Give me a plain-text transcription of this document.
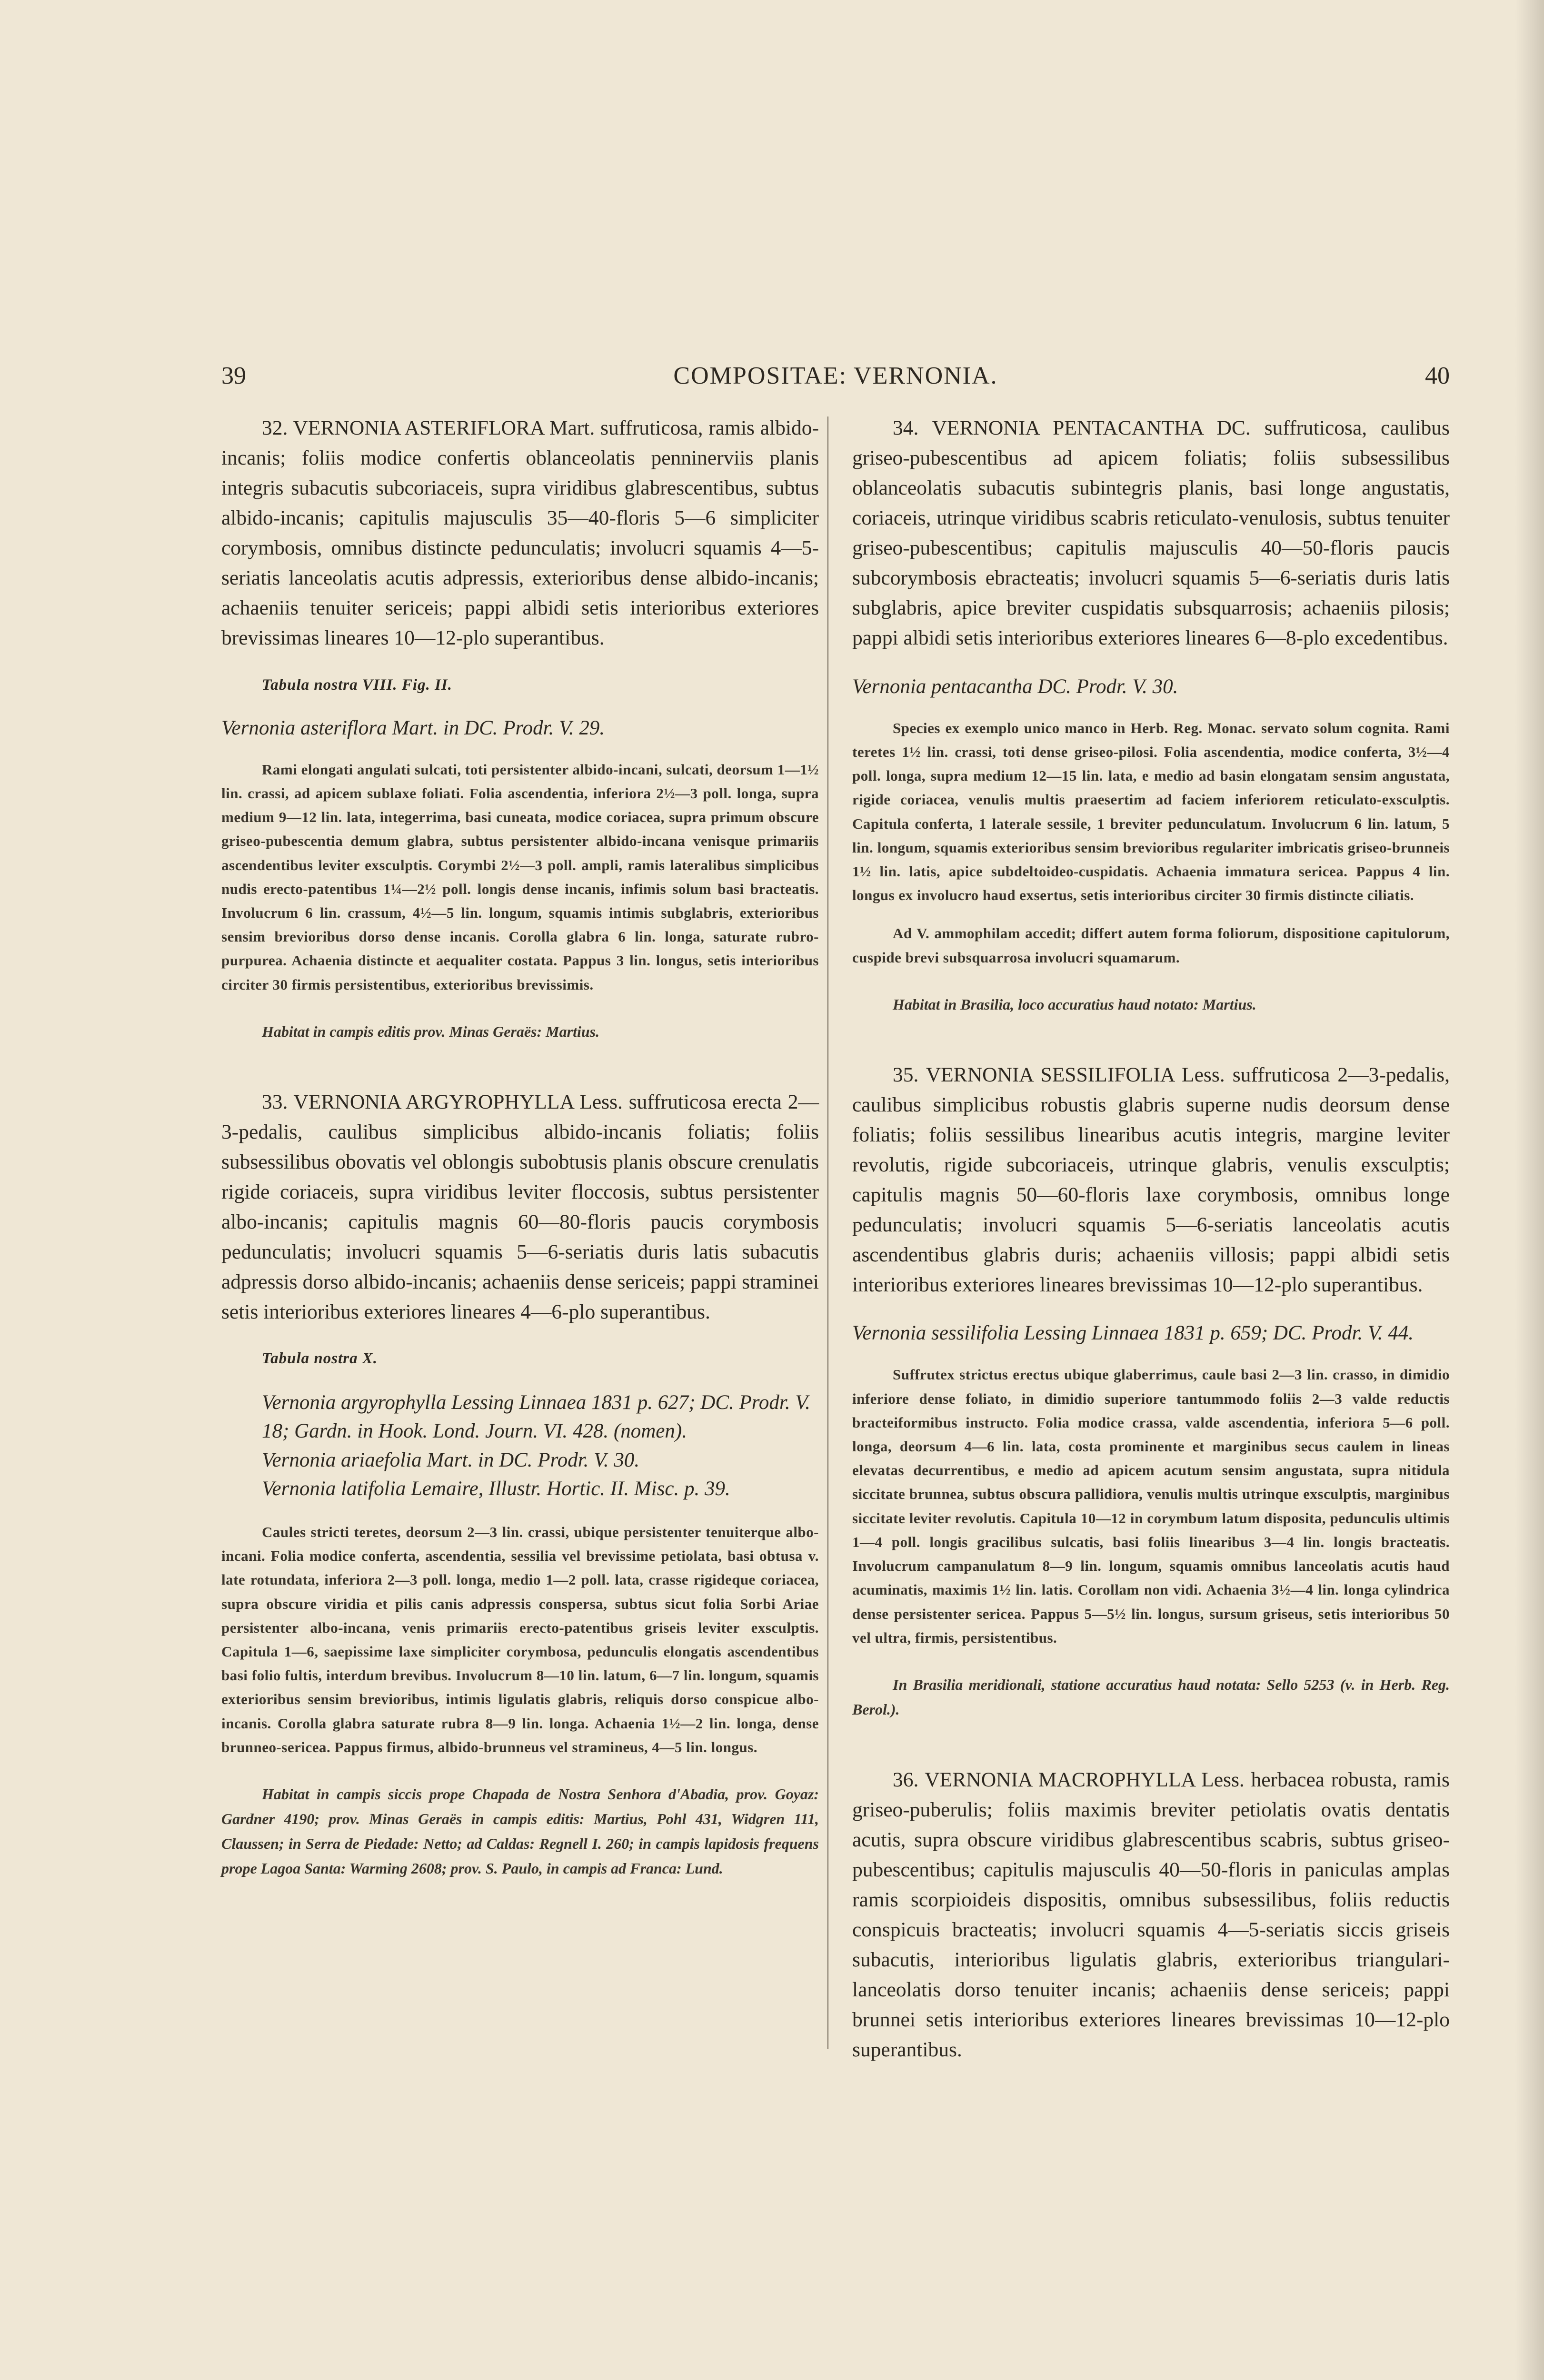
39	COMPOSITAE: VERNONIA.	40

32. VERNONIA ASTERIFLORA Mart. suffruticosa, ramis albido-incanis; foliis modice confertis oblanceolatis penninerviis planis integris subacutis subcoriaceis, supra viridibus glabrescentibus, subtus albido-incanis; capitulis majusculis 35—40-floris 5—6 simpliciter corymbosis, omnibus distincte pedunculatis; involucri squamis 4—5-seriatis lanceolatis acutis adpressis, exterioribus dense albido-incanis; achaeniis tenuiter sericeis; pappi albidi setis interioribus exteriores brevissimas lineares 10—12-plo superantibus.

Tabula nostra VIII. Fig. II.

Vernonia asteriflora Mart. in DC. Prodr. V. 29.

Rami elongati angulati sulcati, toti persistenter albido-incani, sulcati, deorsum 1—1½ lin. crassi, ad apicem sublaxe foliati. Folia ascendentia, inferiora 2½—3 poll. longa, supra medium 9—12 lin. lata, integerrima, basi cuneata, modice coriacea, supra primum obscure griseo-pubescentia demum glabra, subtus persistenter albido-incana venisque primariis ascendentibus leviter exsculptis. Corymbi 2½—3 poll. ampli, ramis lateralibus simplicibus nudis erecto-patentibus 1¼—2½ poll. longis dense incanis, infimis solum basi bracteatis. Involucrum 6 lin. crassum, 4½—5 lin. longum, squamis intimis subglabris, exterioribus sensim brevioribus dorso dense incanis. Corolla glabra 6 lin. longa, saturate rubro-purpurea. Achaenia distincte et aequaliter costata. Pappus 3 lin. longus, setis interioribus circiter 30 firmis persistentibus, exterioribus brevissimis.

Habitat in campis editis prov. Minas Geraës: Martius.

33. VERNONIA ARGYROPHYLLA Less. suffruticosa erecta 2—3-pedalis, caulibus simplicibus albido-incanis foliatis; foliis subsessilibus obovatis vel oblongis subobtusis planis obscure crenulatis rigide coriaceis, supra viridibus leviter floccosis, subtus persistenter albo-incanis; capitulis magnis 60—80-floris paucis corymbosis pedunculatis; involucri squamis 5—6-seriatis duris latis subacutis adpressis dorso albido-incanis; achaeniis dense sericeis; pappi straminei setis interioribus exteriores lineares 4—6-plo superantibus.

Tabula nostra X.

Vernonia argyrophylla Lessing Linnaea 1831 p. 627; DC. Prodr. V. 18; Gardn. in Hook. Lond. Journ. VI. 428. (nomen).

Vernonia ariaefolia Mart. in DC. Prodr. V. 30.

Vernonia latifolia Lemaire, Illustr. Hortic. II. Misc. p. 39.

Caules stricti teretes, deorsum 2—3 lin. crassi, ubique persistenter tenuiterque albo-incani. Folia modice conferta, ascendentia, sessilia vel brevissime petiolata, basi obtusa v. late rotundata, inferiora 2—3 poll. longa, medio 1—2 poll. lata, crasse rigideque coriacea, supra obscure viridia et pilis canis adpressis conspersa, subtus sicut folia Sorbi Ariae persistenter albo-incana, venis primariis erecto-patentibus griseis leviter exsculptis. Capitula 1—6, saepissime laxe simpliciter corymbosa, pedunculis elongatis ascendentibus basi folio fultis, interdum brevibus. Involucrum 8—10 lin. latum, 6—7 lin. longum, squamis exterioribus sensim brevioribus, intimis ligulatis glabris, reliquis dorso conspicue albo-incanis. Corolla glabra saturate rubra 8—9 lin. longa. Achaenia 1½—2 lin. longa, dense brunneo-sericea. Pappus firmus, albido-brunneus vel stramineus, 4—5 lin. longus.

Habitat in campis siccis prope Chapada de Nostra Senhora d'Abadia, prov. Goyaz: Gardner 4190; prov. Minas Geraës in campis editis: Martius, Pohl 431, Widgren 111, Claussen; in Serra de Piedade: Netto; ad Caldas: Regnell I. 260; in campis lapidosis frequens prope Lagoa Santa: Warming 2608; prov. S. Paulo, in campis ad Franca: Lund.

34. VERNONIA PENTACANTHA DC. suffruticosa, caulibus griseo-pubescentibus ad apicem foliatis; foliis subsessilibus oblanceolatis subacutis subintegris planis, basi longe angustatis, coriaceis, utrinque viridibus scabris reticulato-venulosis, subtus tenuiter griseo-pubescentibus; capitulis majusculis 40—50-floris paucis subcorymbosis ebracteatis; involucri squamis 5—6-seriatis duris latis subglabris, apice breviter cuspidatis subsquarrosis; achaeniis pilosis; pappi albidi setis interioribus exteriores lineares 6—8-plo excedentibus.

Vernonia pentacantha DC. Prodr. V. 30.

Species ex exemplo unico manco in Herb. Reg. Monac. servato solum cognita. Rami teretes 1½ lin. crassi, toti dense griseo-pilosi. Folia ascendentia, modice conferta, 3½—4 poll. longa, supra medium 12—15 lin. lata, e medio ad basin elongatam sensim angustata, rigide coriacea, venulis multis praesertim ad faciem inferiorem reticulato-exsculptis. Capitula conferta, 1 laterale sessile, 1 breviter pedunculatum. Involucrum 6 lin. latum, 5 lin. longum, squamis exterioribus sensim brevioribus regulariter imbricatis griseo-brunneis 1½ lin. latis, apice subdeltoideo-cuspidatis. Achaenia immatura sericea. Pappus 4 lin. longus ex involucro haud exsertus, setis interioribus circiter 30 firmis distincte ciliatis.

Ad V. ammophilam accedit; differt autem forma foliorum, dispositione capitulorum, cuspide brevi subsquarrosa involucri squamarum.

Habitat in Brasilia, loco accuratius haud notato: Martius.

35. VERNONIA SESSILIFOLIA Less. suffruticosa 2—3-pedalis, caulibus simplicibus robustis glabris superne nudis deorsum dense foliatis; foliis sessilibus linearibus acutis integris, margine leviter revolutis, rigide subcoriaceis, utrinque glabris, venulis exsculptis; capitulis magnis 50—60-floris laxe corymbosis, omnibus longe pedunculatis; involucri squamis 5—6-seriatis lanceolatis acutis ascendentibus glabris duris; achaeniis villosis; pappi albidi setis interioribus exteriores lineares brevissimas 10—12-plo superantibus.

Vernonia sessilifolia Lessing Linnaea 1831 p. 659; DC. Prodr. V. 44.

Suffrutex strictus erectus ubique glaberrimus, caule basi 2—3 lin. crasso, in dimidio inferiore dense foliato, in dimidio superiore tantummodo foliis 2—3 valde reductis bracteiformibus instructo. Folia modice crassa, valde ascendentia, inferiora 5—6 poll. longa, deorsum 4—6 lin. lata, costa prominente et marginibus secus caulem in lineas elevatas decurrentibus, e medio ad apicem acutum sensim angustata, supra nitidula siccitate brunnea, subtus obscura pallidiora, venulis multis utrinque exsculptis, marginibus siccitate leviter revolutis. Capitula 10—12 in corymbum latum disposita, pedunculis ultimis 1—4 poll. longis gracilibus sulcatis, basi foliis linearibus 3—4 lin. longis bracteatis. Involucrum campanulatum 8—9 lin. longum, squamis omnibus lanceolatis acutis haud acuminatis, maximis 1½ lin. latis. Corollam non vidi. Achaenia 3½—4 lin. longa cylindrica dense persistenter sericea. Pappus 5—5½ lin. longus, sursum griseus, setis interioribus 50 vel ultra, firmis, persistentibus.

In Brasilia meridionali, statione accuratius haud notata: Sello 5253 (v. in Herb. Reg. Berol.).

36. VERNONIA MACROPHYLLA Less. herbacea robusta, ramis griseo-puberulis; foliis maximis breviter petiolatis ovatis dentatis acutis, supra obscure viridibus glabrescentibus scabris, subtus griseo-pubescentibus; capitulis majusculis 40—50-floris in paniculas amplas ramis scorpioideis dispositis, omnibus subsessilibus, foliis reductis conspicuis bracteatis; involucri squamis 4—5-seriatis siccis griseis subacutis, interioribus ligulatis glabris, exterioribus triangulari-lanceolatis dorso tenuiter incanis; achaeniis dense sericeis; pappi brunnei setis interioribus exteriores lineares brevissimas 10—12-plo superantibus.
